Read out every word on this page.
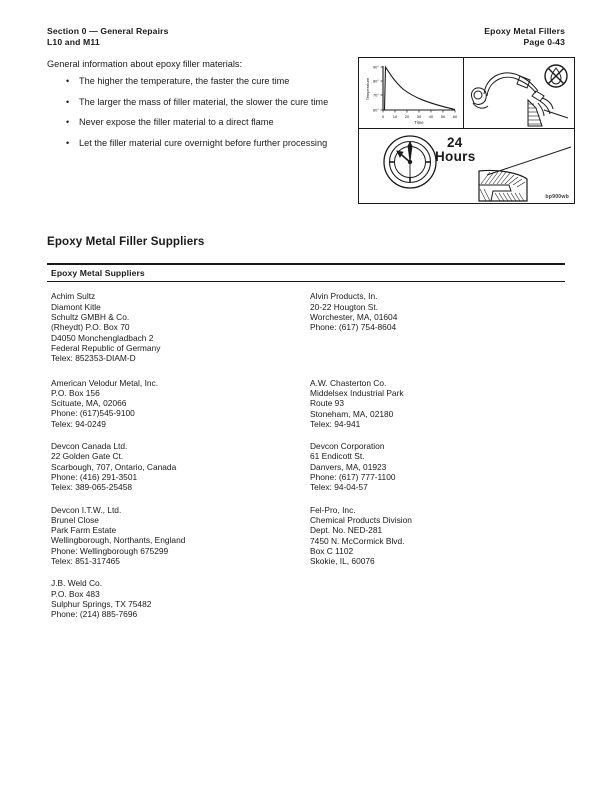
Section 0 — General Repairs
L10 and M11
Epoxy Metal Fillers
Page 0-43
General information about epoxy filler materials:
• The higher the temperature, the faster the cure time
• The larger the mass of filler material, the slower the cure time
• Never expose the filler material to a direct flame
• Let the filler material cure overnight before further processing
90°
80°
70°
60°
0 10 20 30 40 50 60
Time
Temperature
24
Hours
bp900wb
Epoxy Metal Filler Suppliers
Epoxy Metal Suppliers
Achim Sultz
Diamont Kitle
Schultz GMBH & Co.
(Rheydt) P.O. Box 70
D4050 Monchengladbach 2
Federal Republic of Germany
Telex: 852353-DIAM-D
American Velodur Metal, Inc.
P.O. Box 156
Scituate, MA, 02066
Phone: (617)545-9100
Telex: 94-0249
Devcon Canada Ltd.
22 Golden Gate Ct.
Scarbough, 707, Ontario, Canada
Phone: (416) 291-3501
Telex: 389-065-25458
Devcon I.T.W., Ltd.
Brunel Close
Park Farm Estate
Wellingborough, Northants, England
Phone: Wellingborough 675299
Telex: 851-317465
J.B. Weld Co.
P.O. Box 483
Sulphur Springs, TX 75482
Phone: (214) 885-7696
Alvin Products, In.
20-22 Hougton St.
Worchester, MA, 01604
Phone: (617) 754-8604
A.W. Chasterton Co.
Middelsex Industrial Park
Route 93
Stoneham, MA, 02180
Telex: 94-941
Devcon Corporation
61 Endicott St.
Danvers, MA, 01923
Phone: (617) 777-1100
Telex: 94-04-57
Fel-Pro, Inc.
Chemical Products Division
Dept. No. NED-281
7450 N. McCormick Blvd.
Box C 1102
Skokie, IL, 60076
